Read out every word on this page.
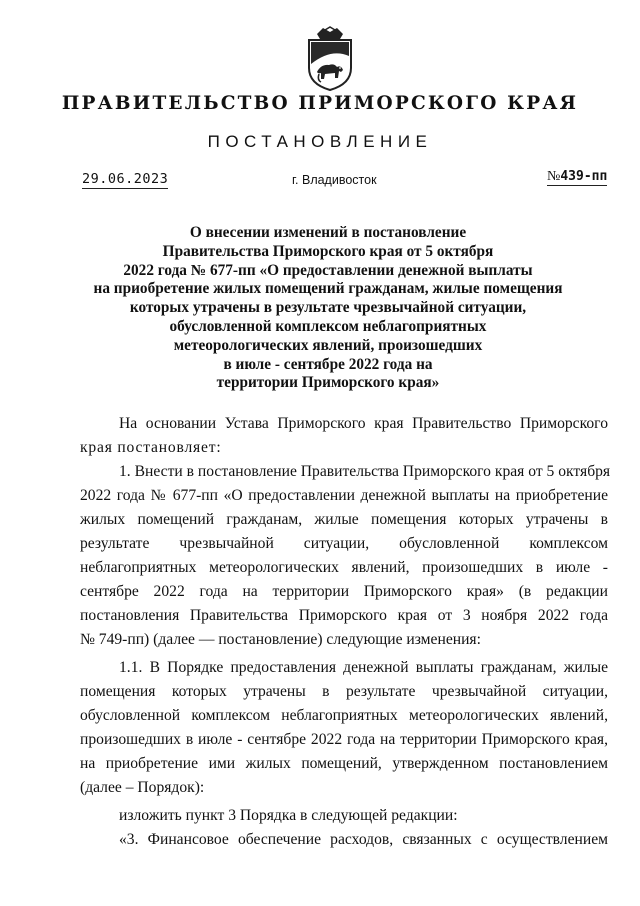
ПРАВИТЕЛЬСТВО ПРИМОРСКОГО КРАЯ
ПОСТАНОВЛЕНИЕ
29.06.2023	г. Владивосток	№439-пп
О внесении изменений в постановление
Правительства Приморского края от 5 октября
2022 года № 677-пп «О предоставлении денежной выплаты
на приобретение жилых помещений гражданам, жилые помещения
которых утрачены в результате чрезвычайной ситуации,
обусловленной комплексом неблагоприятных
метеорологических явлений, произошедших
в июле - сентябре 2022 года на
территории Приморского края»
На основании Устава Приморского края Правительство Приморского
края постановляет:
1. Внести в постановление Правительства Приморского края от 5 октября
2022 года № 677-пп «О предоставлении денежной выплаты на приобретение
жилых помещений гражданам, жилые помещения которых утрачены в
результате чрезвычайной ситуации, обусловленной комплексом
неблагоприятных метеорологических явлений, произошедших в июле -
сентябре 2022 года на территории Приморского края» (в редакции
постановления Правительства Приморского края от 3 ноября 2022 года
№ 749-пп) (далее — постановление) следующие изменения:
1.1. В Порядке предоставления денежной выплаты гражданам, жилые
помещения которых утрачены в результате чрезвычайной ситуации,
обусловленной комплексом неблагоприятных метеорологических явлений,
произошедших в июле - сентябре 2022 года на территории Приморского края,
на приобретение ими жилых помещений, утвержденном постановлением
(далее – Порядок):
изложить пункт 3 Порядка в следующей редакции:
«3. Финансовое обеспечение расходов, связанных с осуществлением
